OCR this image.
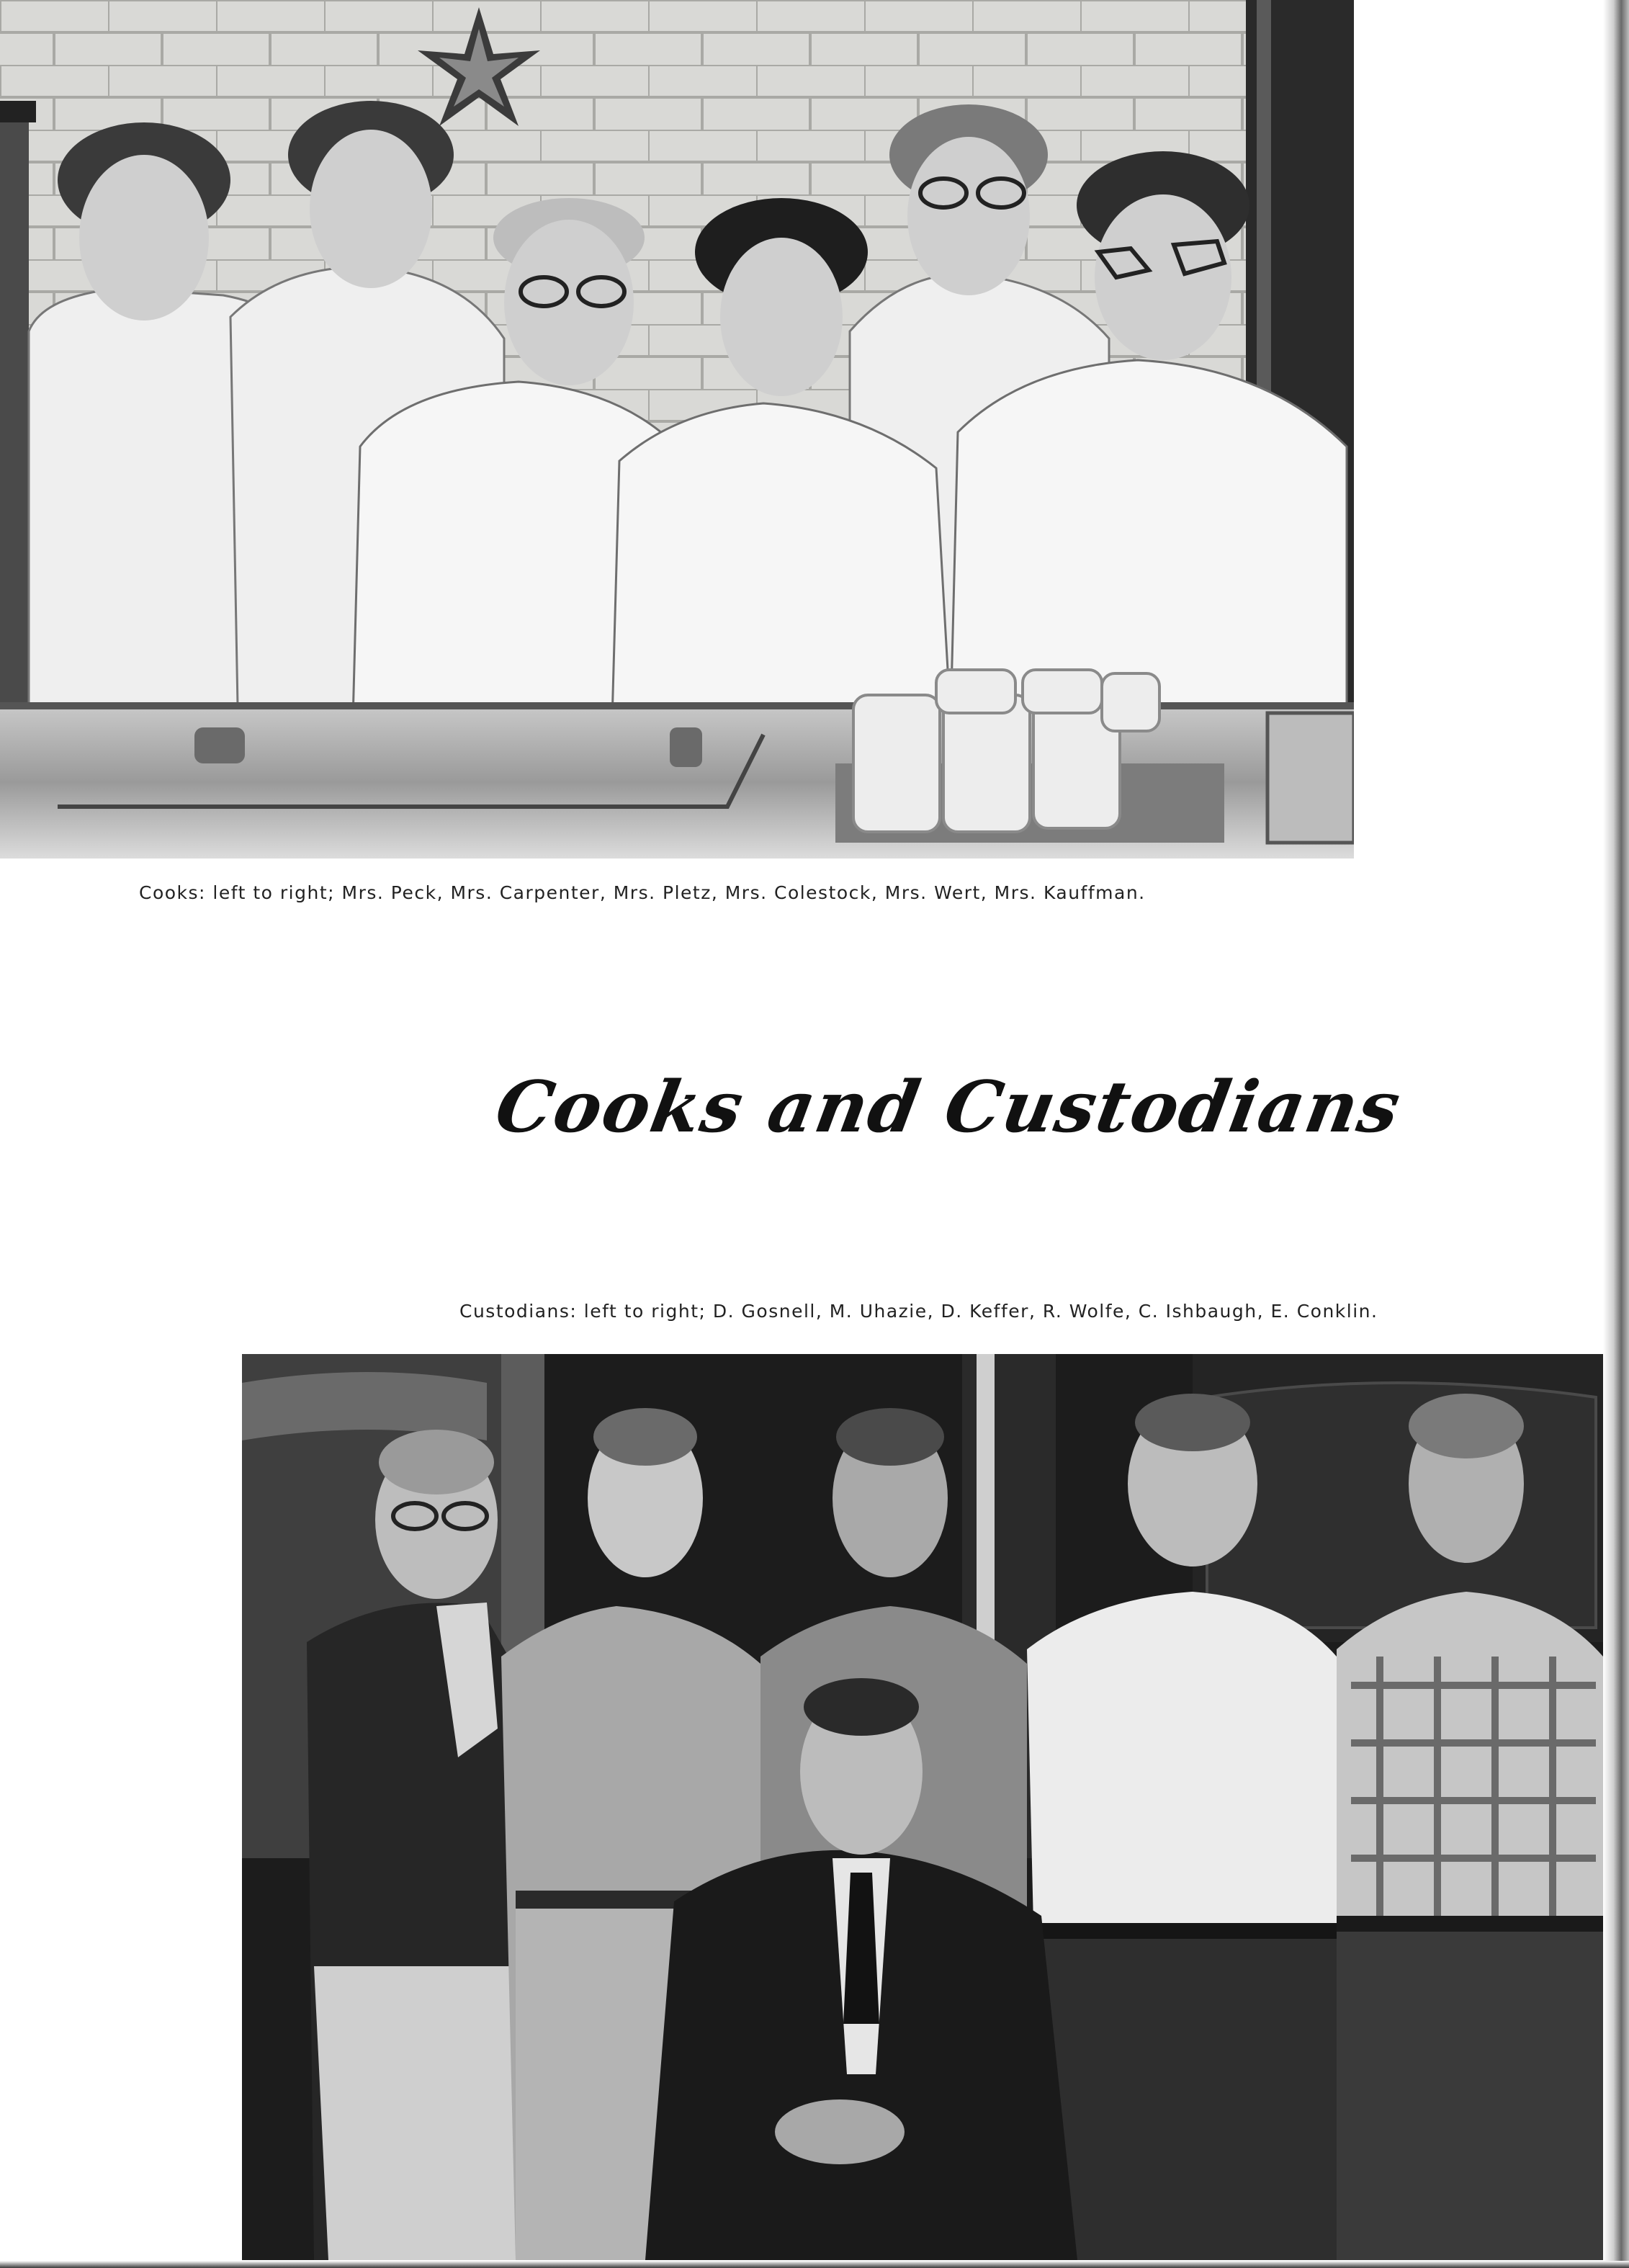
Cooks: left to right; Mrs. Peck, Mrs. Carpenter, Mrs. Pletz, Mrs. Colestock, Mrs. Wert, Mrs. Kauffman.
Cooks and Custodians
Custodians: left to right; D. Gosnell, M. Uhazie, D. Keffer, R. Wolfe, C. Ishbaugh, E. Conklin.
